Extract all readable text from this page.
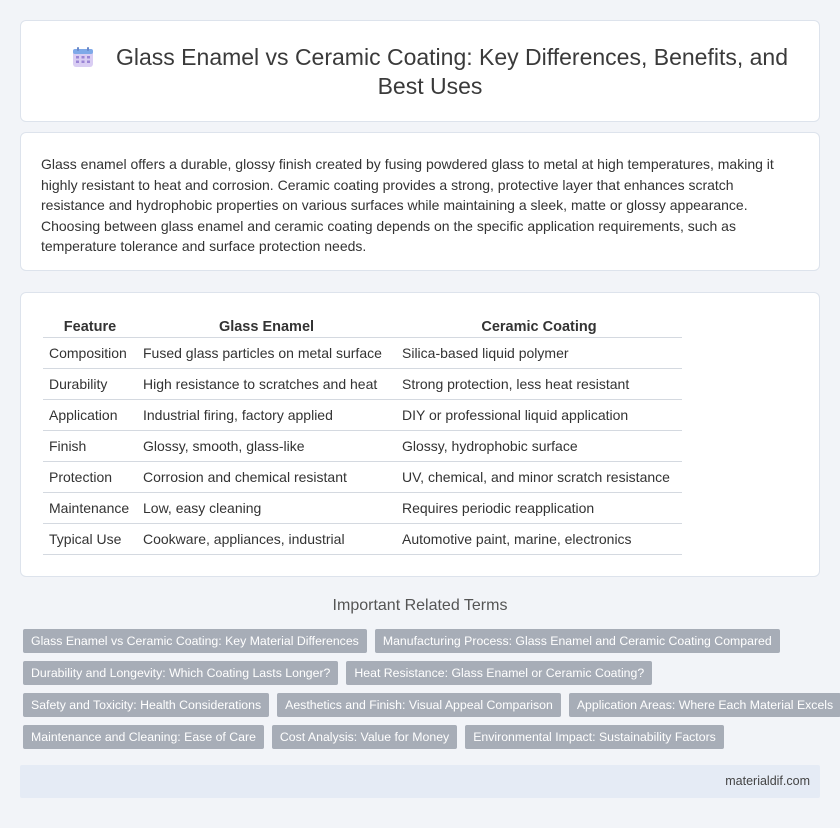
Glass Enamel vs Ceramic Coating: Key Differences, Benefits, and Best Uses

Glass enamel offers a durable, glossy finish created by fusing powdered glass to metal at high temperatures, making it highly resistant to heat and corrosion. Ceramic coating provides a strong, protective layer that enhances scratch resistance and hydrophobic properties on various surfaces while maintaining a sleek, matte or glossy appearance. Choosing between glass enamel and ceramic coating depends on the specific application requirements, such as temperature tolerance and surface protection needs.

Feature	Glass Enamel	Ceramic Coating
Composition	Fused glass particles on metal surface	Silica-based liquid polymer
Durability	High resistance to scratches and heat	Strong protection, less heat resistant
Application	Industrial firing, factory applied	DIY or professional liquid application
Finish	Glossy, smooth, glass-like	Glossy, hydrophobic surface
Protection	Corrosion and chemical resistant	UV, chemical, and minor scratch resistance
Maintenance	Low, easy cleaning	Requires periodic reapplication
Typical Use	Cookware, appliances, industrial	Automotive paint, marine, electronics
Important Related Terms
Glass Enamel vs Ceramic Coating: Key Material Differences	Manufacturing Process: Glass Enamel and Ceramic Coating Compared
Durability and Longevity: Which Coating Lasts Longer?	Heat Resistance: Glass Enamel or Ceramic Coating?
Safety and Toxicity: Health Considerations	Aesthetics and Finish: Visual Appeal Comparison	Application Areas: Where Each Material Excels
Maintenance and Cleaning: Ease of Care	Cost Analysis: Value for Money	Environmental Impact: Sustainability Factors
materialdif.com
